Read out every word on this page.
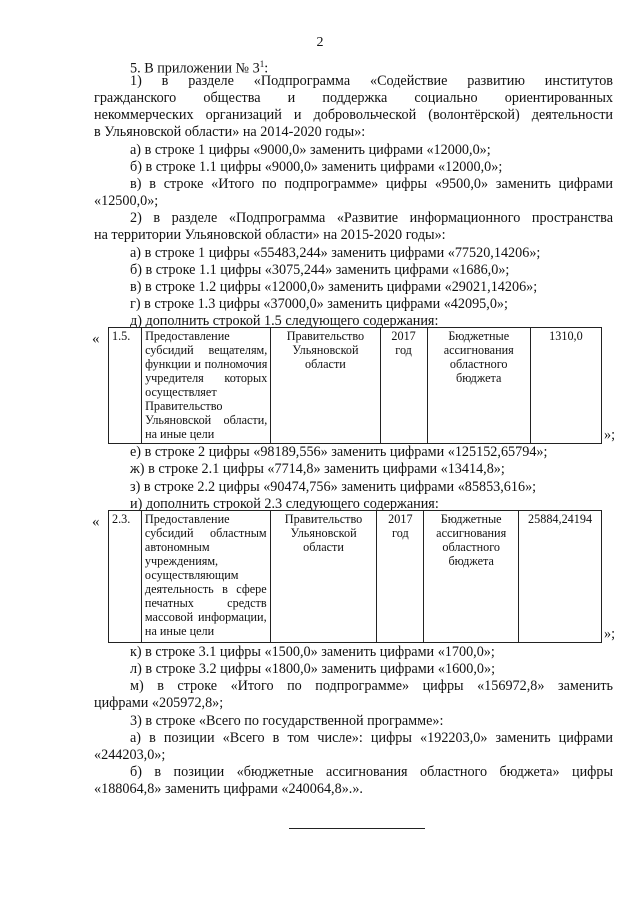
2
5. В приложении № $3^1$:
1) в разделе «Подпрограмма «Содействие развитию институтов
гражданского общества и поддержка социально ориентированных
некоммерческих организаций и добровольческой (волонтёрской) деятельности
в Ульяновской области» на 2014-2020 годы»:
а) в строке 1 цифры «9000,0» заменить цифрами «12000,0»;
б) в строке 1.1 цифры «9000,0» заменить цифрами «12000,0»;
в) в строке «Итого по подпрограмме» цифры «9500,0» заменить цифрами
«12500,0»;
2) в разделе «Подпрограмма «Развитие информационного пространства
на территории Ульяновской области» на 2015-2020 годы»:
а) в строке 1 цифры «55483,244» заменить цифрами «77520,14206»;
б) в строке 1.1 цифры «3075,244» заменить цифрами «1686,0»;
в) в строке 1.2 цифры «12000,0» заменить цифрами «29021,14206»;
г) в строке 1.3 цифры «37000,0» заменить цифрами «42095,0»;
д) дополнить строкой 1.5 следующего содержания:
« 1.5.	Предоставление субсидий вещателям, функции и полномочия учредителя которых осуществляет Правительство Ульяновской области, на иные цели	Правительство Ульяновской области	2017 год	Бюджетные ассигнования областного бюджета	1310,0
»;
е) в строке 2 цифры «98189,556» заменить цифрами «125152,65794»;
ж) в строке 2.1 цифры «7714,8» заменить цифрами «13414,8»;
з) в строке 2.2 цифры «90474,756» заменить цифрами «85853,616»;
и) дополнить строкой 2.3 следующего содержания:
« 2.3.	Предоставление субсидий областным автономным учреждениям, осуществляющим деятельность в сфере печатных средств массовой информации, на иные цели	Правительство Ульяновской области	2017 год	Бюджетные ассигнования областного бюджета	25884,24194
»;
к) в строке 3.1 цифры «1500,0» заменить цифрами «1700,0»;
л) в строке 3.2 цифры «1800,0» заменить цифрами «1600,0»;
м) в строке «Итого по подпрограмме» цифры «156972,8» заменить
цифрами «205972,8»;
3) в строке «Всего по государственной программе»:
а) в позиции «Всего в том числе»: цифры «192203,0» заменить цифрами
«244203,0»;
б) в позиции «бюджетные ассигнования областного бюджета» цифры
«188064,8» заменить цифрами «240064,8».».
